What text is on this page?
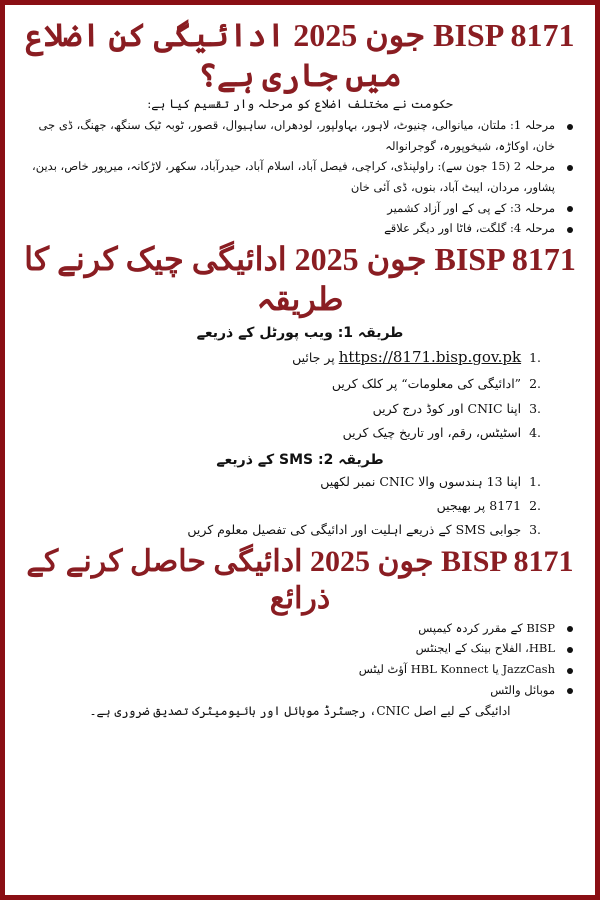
BISP 8171 جون 2025 ادائیگی کن اضلاع میں جاری ہے؟
حکومت نے مختلف اضلاع کو مرحلہ وار تقسیم کیا ہے:
مرحلہ 1: ملتان، میانوالی، چنیوٹ، لاہور، بہاولپور، لودھراں، ساہیوال، قصور، ٹوبہ ٹیک سنگھ، جھنگ، ڈی جی خان، اوکاڑہ، شیخوپورہ، گوجرانوالہ
مرحلہ 2 (15 جون سے): راولپنڈی، کراچی، فیصل آباد، اسلام آباد، حیدرآباد، سکھر، لاڑکانہ، میرپور خاص، بدین، پشاور، مردان، ایبٹ آباد، بنوں، ڈی آئی خان
مرحلہ 3: کے پی کے اور آزاد کشمیر
مرحلہ 4: گلگت، فاٹا اور دیگر علاقے
BISP 8171 جون 2025 ادائیگی چیک کرنے کا طریقہ
طریقہ 1: ویب پورٹل کے ذریعے
1. https://8171.bisp.gov.pk پر جائیں
2. ”ادائیگی کی معلومات“ پر کلک کریں
3. اپنا CNIC اور کوڈ درج کریں
4. اسٹیٹس، رقم، اور تاریخ چیک کریں
طریقہ 2: SMS کے ذریعے
1. اپنا 13 ہندسوں والا CNIC نمبر لکھیں
2. 8171 پر بھیجیں
3. جوابی SMS کے ذریعے اہلیت اور ادائیگی کی تفصیل معلوم کریں
BISP 8171 جون 2025 ادائیگی حاصل کرنے کے ذرائع
BISP کے مقرر کردہ کیمپس
HBL، الفلاح بینک کے ایجنٹس
JazzCash یا HBL Konnect آؤٹ لیٹس
موبائل والٹس
ادائیگی کے لیے اصل CNIC، رجسٹرڈ موبائل اور بائیومیٹرک تصدیق ضروری ہے۔
